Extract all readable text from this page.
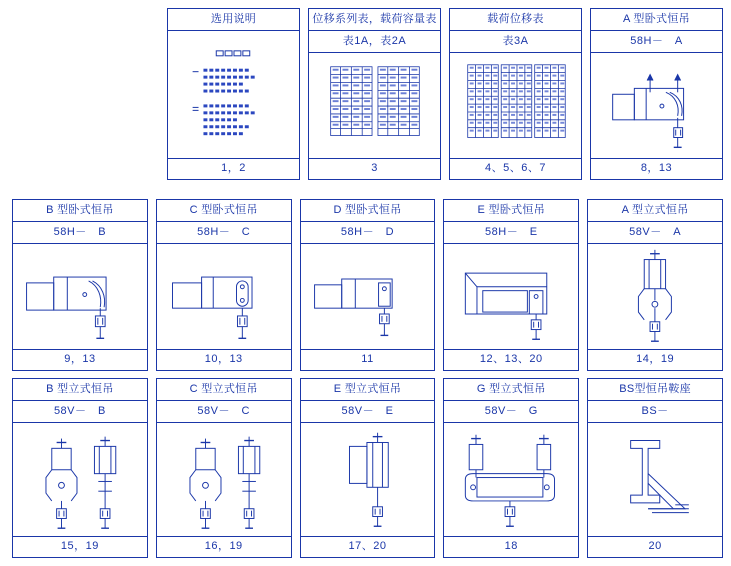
选用说明
1，2
位移系列表，载荷容量表
表1A，表2A
3
载荷位移表
表3A
4、5、6、7
A 型卧式恒吊
58H－　A
8，13
B 型卧式恒吊
58H－　B
9，13
C 型卧式恒吊
58H－　C
10，13
D 型卧式恒吊
58H－　D
11
E 型卧式恒吊
58H－　E
12、13、20
A 型立式恒吊
58V－　A
14，19
B 型立式恒吊
58V－　B
15，19
C 型立式恒吊
58V－　C
16，19
E 型立式恒吊
58V－　E
17、20
G 型立式恒吊
58V－　G
18
BS型恒吊鞍座
BS－
20
